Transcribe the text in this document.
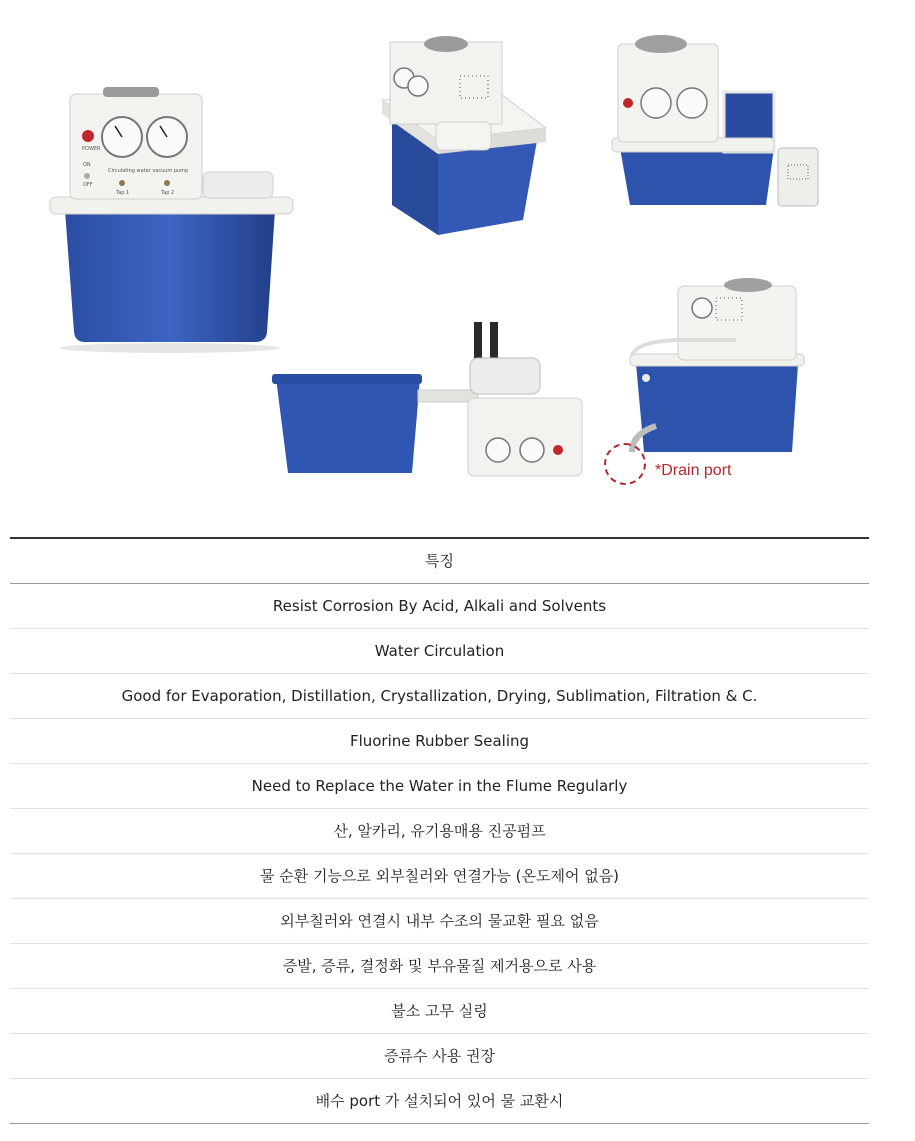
POWER
ON
OFF
Circulating water vacuum pump
Tap 1	Tap 2
*Drain port
특징
Resist Corrosion By Acid, Alkali and Solvents
Water Circulation
Good for Evaporation, Distillation, Crystallization, Drying, Sublimation, Filtration & C.
Fluorine Rubber Sealing
Need to Replace the Water in the Flume Regularly
산, 알카리, 유기용매용 진공펌프
물 순환 기능으로 외부칠러와 연결가능 (온도제어 없음)
외부칠러와 연결시 내부 수조의 물교환 필요 없음
증발, 증류, 결정화 및 부유물질 제거용으로 사용
불소 고무 실링
증류수 사용 권장
배수 port 가 설치되어 있어 물 교환시
